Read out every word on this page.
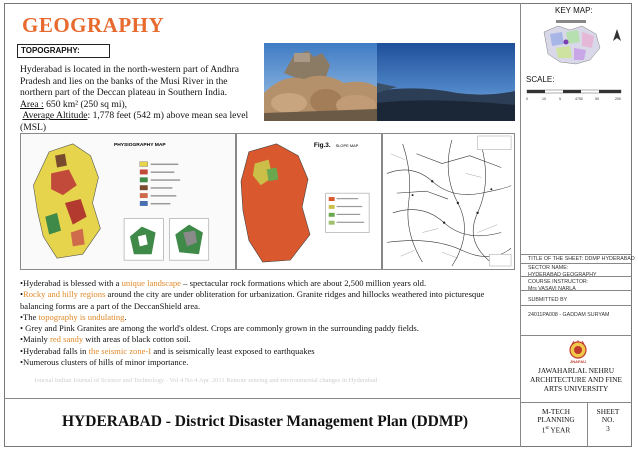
GEOGRAPHY
TOPOGRAPHY:

Hyderabad is located in the north-western part of Andhra Pradesh and lies on the banks of the Musi River in the northern part of the Deccan plateau in Southern India.

Area : 650 km² (250 sq mi),

Average Altitude: 1,778 feet (542 m) above mean sea level (MSL)

PHYSIOGRAPHY MAP	Fig.3. SLOPE MAP

•Hyderabad is blessed with a unique landscape – spectacular rock formations which are about 2,500 million years old.

•Rocky and hilly regions around the city are under obliteration for urbanization. Granite ridges and hillocks weathered into picturesque balancing forms are a part of the DeccanShield area.

•The topography is undulating.

• Grey and Pink Granites are among the world's oldest. Crops are commonly grown in the surrounding paddy fields.

•Mainly red sandy with areas of black cotton soil.

•Hyderabad falls in the seismic zone-I and is seismically least exposed to earthquakes

•Numerous clusters of hills of minor importance.

Journal Indian Journal of Science and Technology · Vol 4 No 4 Apr. 2011 Remote sensing and environmental changes in Hyderabad
HYDERABAD - District Disaster Management Plan (DDMP)
KEY MAP:
SCALE:
0	10	5	4750	50	200
TITLE OF THE SHEET: DDMP HYDERABAD
SECTOR NAME:
HYDERABAD GEOGRAPHY
COURSE INSTRUCTOR:
Mrs VASAVI NARLA
SUBMITTED BY
24011PA008 - GADDAM SURYAM
JNAFAU
JAWAHARLAL NEHRU ARCHITECTURE AND FINE ARTS UNIVERSITY
M-TECH
PLANNING
1st YEAR
SHEET
NO.
3
